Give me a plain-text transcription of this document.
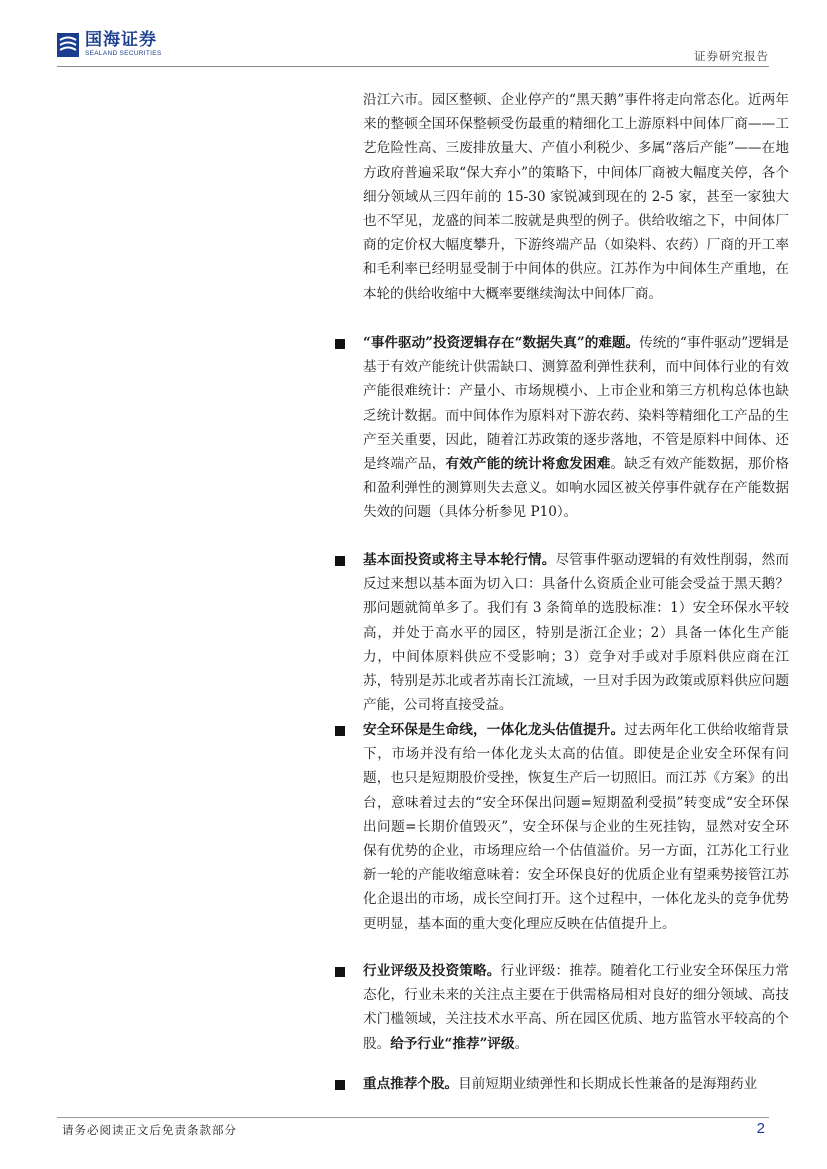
国海证券
SEALAND SECURITIES	证券研究报告
沿江六市。园区整顿、企业停产的“黑天鹅”事件将走向常态化。近两年来的整顿全国环保整顿受伤最重的精细化工上游原料中间体厂商——工艺危险性高、三废排放量大、产值小利税少、多属“落后产能”——在地方政府普遍采取“保大弃小”的策略下，中间体厂商被大幅度关停，各个细分领域从三四年前的 15-30 家锐减到现在的 2-5 家，甚至一家独大也不罕见，龙盛的间苯二胺就是典型的例子。供给收缩之下，中间体厂商的定价权大幅度攀升，下游终端产品（如染料、农药）厂商的开工率和毛利率已经明显受制于中间体的供应。江苏作为中间体生产重地，在本轮的供给收缩中大概率要继续淘汰中间体厂商。
“事件驱动”投资逻辑存在“数据失真”的难题。传统的“事件驱动”逻辑是基于有效产能统计供需缺口、测算盈利弹性获利，而中间体行业的有效产能很难统计：产量小、市场规模小、上市企业和第三方机构总体也缺乏统计数据。而中间体作为原料对下游农药、染料等精细化工产品的生产至关重要，因此，随着江苏政策的逐步落地，不管是原料中间体、还是终端产品，有效产能的统计将愈发困难。缺乏有效产能数据，那价格和盈利弹性的测算则失去意义。如响水园区被关停事件就存在产能数据失效的问题（具体分析参见 P10）。
基本面投资或将主导本轮行情。尽管事件驱动逻辑的有效性削弱，然而反过来想以基本面为切入口：具备什么资质企业可能会受益于黑天鹅？那问题就简单多了。我们有 3 条简单的选股标准：1）安全环保水平较高，并处于高水平的园区，特别是浙江企业；2）具备一体化生产能力，中间体原料供应不受影响；3）竞争对手或对手原料供应商在江苏，特别是苏北或者苏南长江流域，一旦对手因为政策或原料供应问题产能，公司将直接受益。
安全环保是生命线，一体化龙头估值提升。过去两年化工供给收缩背景下，市场并没有给一体化龙头太高的估值。即使是企业安全环保有问题，也只是短期股价受挫，恢复生产后一切照旧。而江苏《方案》的出台，意味着过去的“安全环保出问题=短期盈利受损”转变成“安全环保出问题=长期价值毁灭”，安全环保与企业的生死挂钩，显然对安全环保有优势的企业，市场理应给一个估值溢价。另一方面，江苏化工行业新一轮的产能收缩意味着：安全环保良好的优质企业有望乘势接管江苏化企退出的市场，成长空间打开。这个过程中，一体化龙头的竞争优势更明显，基本面的重大变化理应反映在估值提升上。
行业评级及投资策略。行业评级：推荐。随着化工行业安全环保压力常态化，行业未来的关注点主要在于供需格局相对良好的细分领域、高技术门槛领域，关注技术水平高、所在园区优质、地方监管水平较高的个股。给予行业“推荐”评级。
重点推荐个股。目前短期业绩弹性和长期成长性兼备的是海翔药业
请务必阅读正文后免责条款部分	2
